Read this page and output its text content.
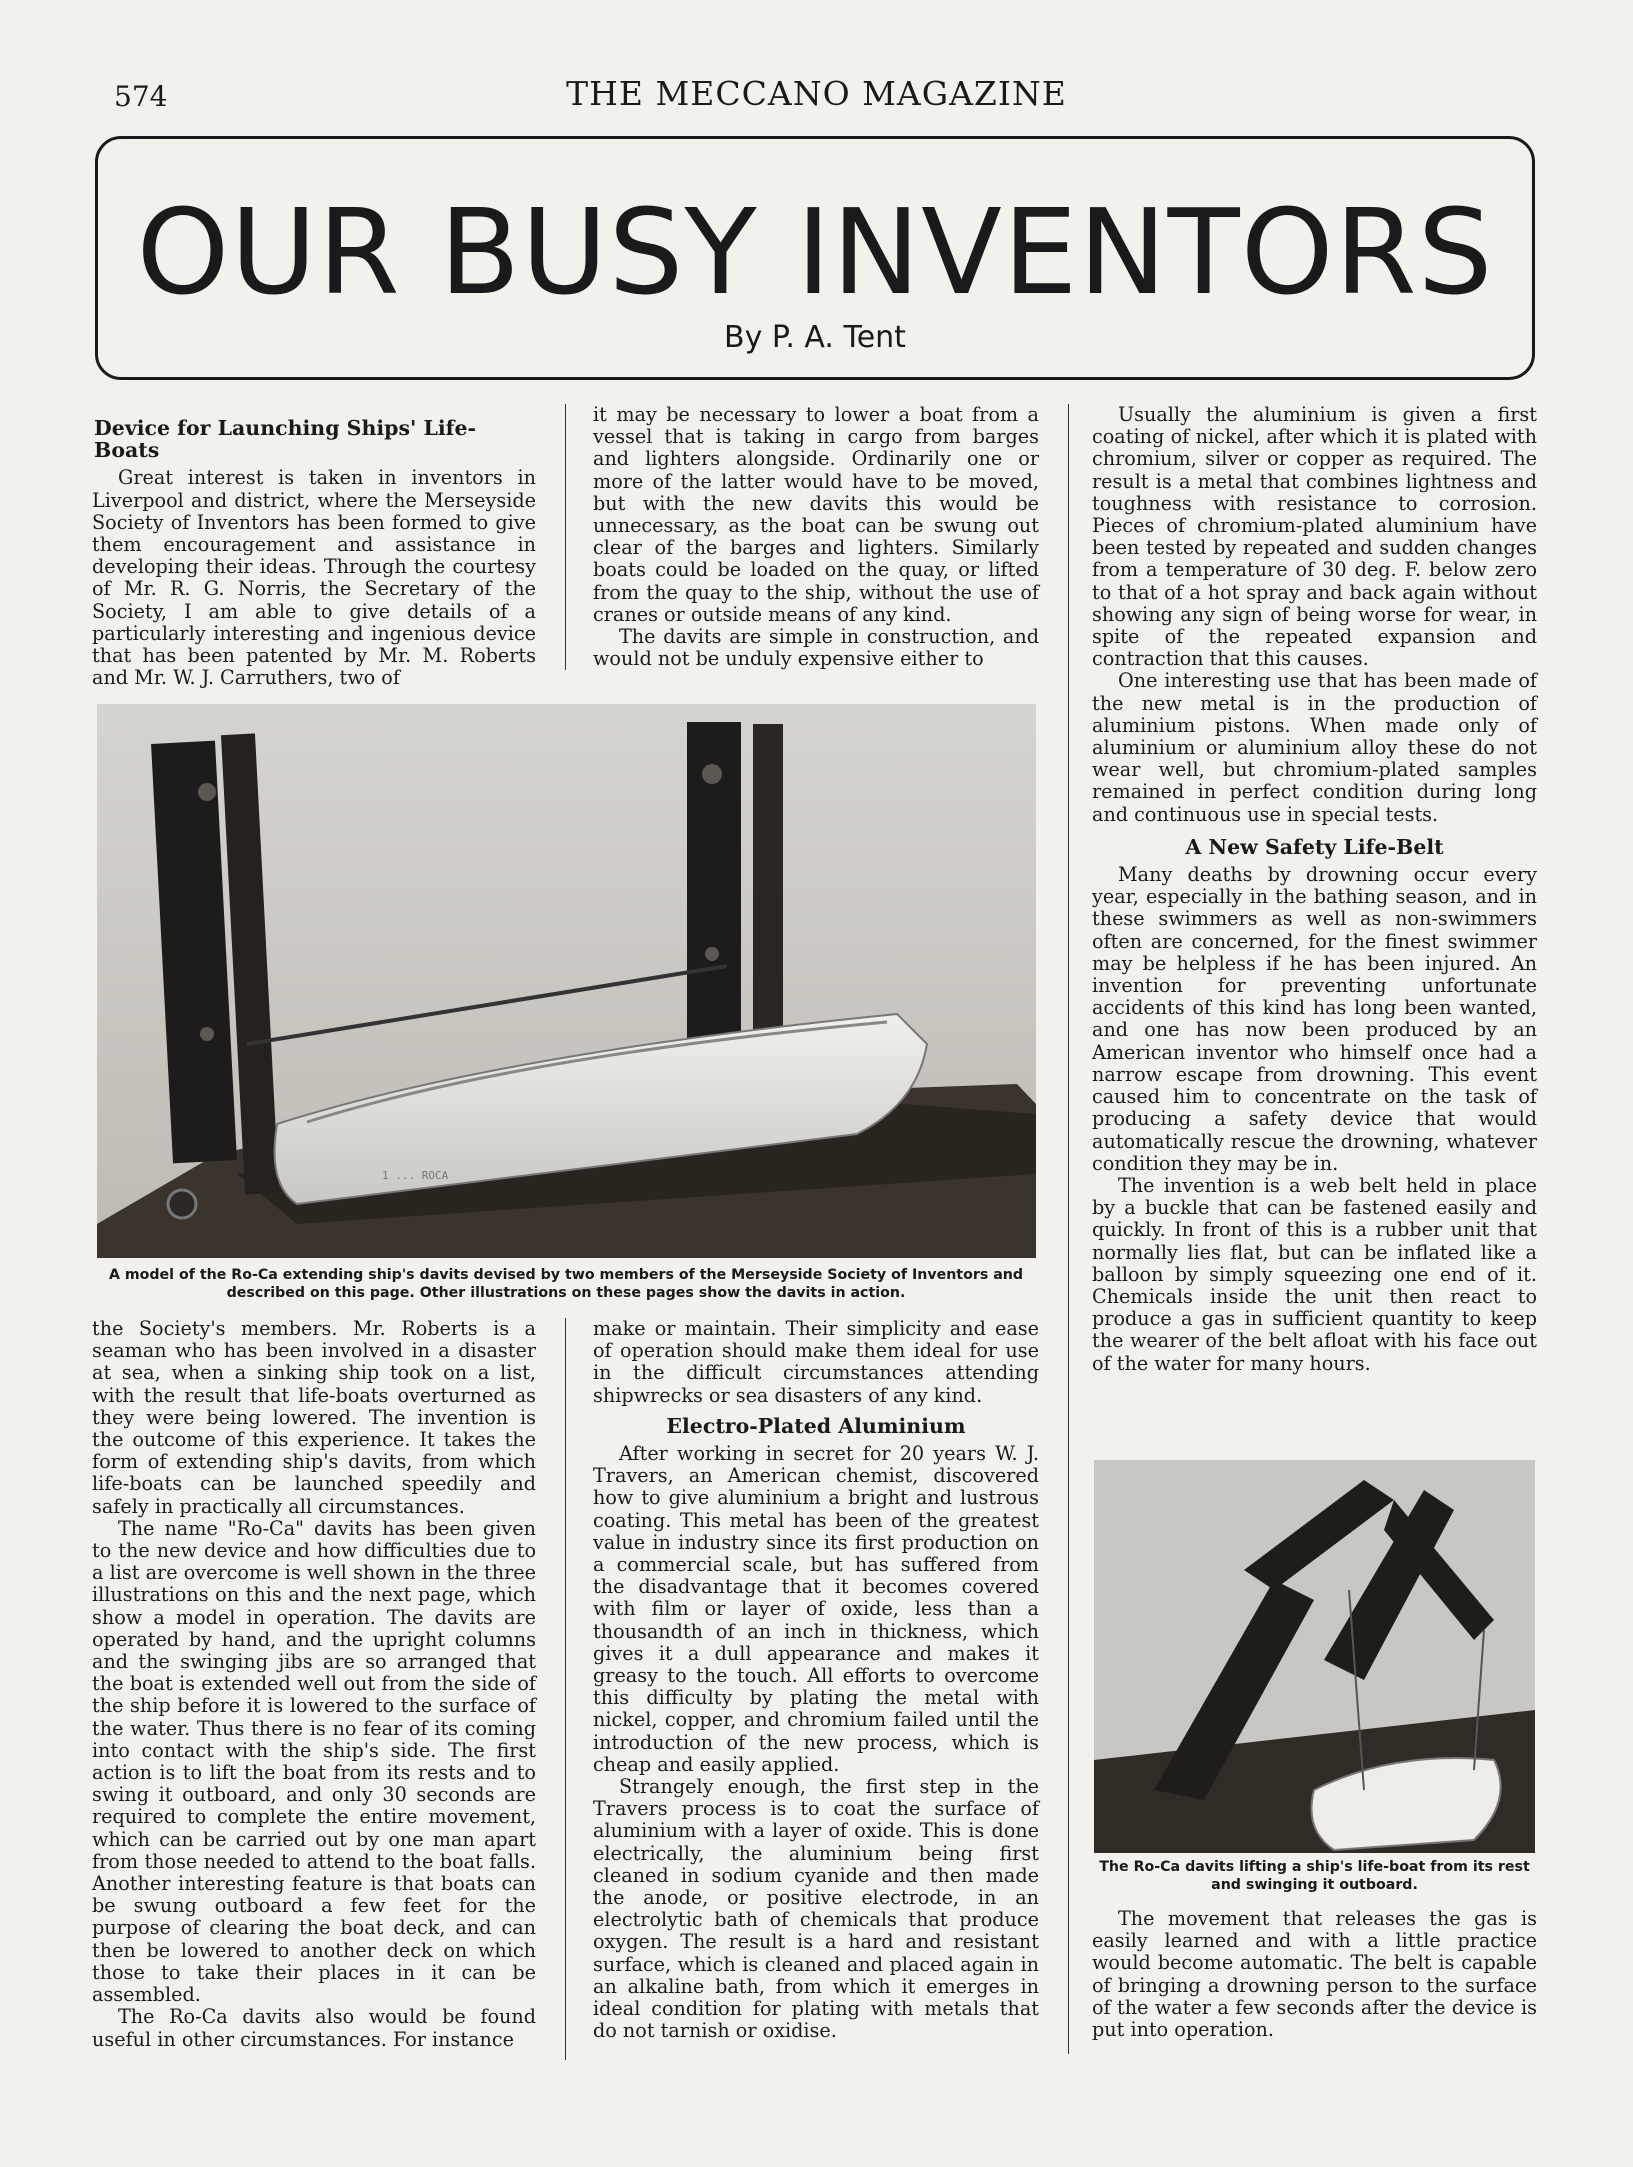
574	THE MECCANO MAGAZINE
OUR BUSY INVENTORS
By P. A. Tent
Device for Launching Ships' Life-Boats

Great interest is taken in inventors in Liverpool and district, where the Merseyside Society of Inventors has been formed to give them encouragement and assistance in developing their ideas. Through the courtesy of Mr. R. G. Norris, the Secretary of the Society, I am able to give details of a particularly interesting and ingenious device that has been patented by Mr. M. Roberts and Mr. W. J. Carruthers, two of

it may be necessary to lower a boat from a vessel that is taking in cargo from barges and lighters alongside. Ordinarily one or more of the latter would have to be moved, but with the new davits this would be unnecessary, as the boat can be swung out clear of the barges and lighters. Similarly boats could be loaded on the quay, or lifted from the quay to the ship, without the use of cranes or outside means of any kind.

The davits are simple in construction, and would not be unduly expensive either to

1 ... ROCA
A model of the Ro-Ca extending ship's davits devised by two members of the Merseyside Society of Inventors and described on this page. Other illustrations on these pages show the davits in action.

the Society's members. Mr. Roberts is a seaman who has been involved in a disaster at sea, when a sinking ship took on a list, with the result that life-boats overturned as they were being lowered. The invention is the outcome of this experience. It takes the form of extending ship's davits, from which life-boats can be launched speedily and safely in practically all circumstances.

The name "Ro-Ca" davits has been given to the new device and how difficulties due to a list are overcome is well shown in the three illustrations on this and the next page, which show a model in operation. The davits are operated by hand, and the upright columns and the swinging jibs are so arranged that the boat is extended well out from the side of the ship before it is lowered to the surface of the water. Thus there is no fear of its coming into contact with the ship's side. The first action is to lift the boat from its rests and to swing it outboard, and only 30 seconds are required to complete the entire movement, which can be carried out by one man apart from those needed to attend to the boat falls. Another interesting feature is that boats can be swung outboard a few feet for the purpose of clearing the boat deck, and can then be lowered to another deck on which those to take their places in it can be assembled.

The Ro-Ca davits also would be found useful in other circumstances. For instance

make or maintain. Their simplicity and ease of operation should make them ideal for use in the difficult circumstances attending shipwrecks or sea disasters of any kind.

Electro-Plated Aluminium

After working in secret for 20 years W. J. Travers, an American chemist, discovered how to give aluminium a bright and lustrous coating. This metal has been of the greatest value in industry since its first production on a commercial scale, but has suffered from the disadvantage that it becomes covered with film or layer of oxide, less than a thousandth of an inch in thickness, which gives it a dull appearance and makes it greasy to the touch. All efforts to overcome this difficulty by plating the metal with nickel, copper, and chromium failed until the introduction of the new process, which is cheap and easily applied.

Strangely enough, the first step in the Travers process is to coat the surface of aluminium with a layer of oxide. This is done electrically, the aluminium being first cleaned in sodium cyanide and then made the anode, or positive electrode, in an electrolytic bath of chemicals that produce oxygen. The result is a hard and resistant surface, which is cleaned and placed again in an alkaline bath, from which it emerges in ideal condition for plating with metals that do not tarnish or oxidise.

Usually the aluminium is given a first coating of nickel, after which it is plated with chromium, silver or copper as required. The result is a metal that combines lightness and toughness with resistance to corrosion. Pieces of chromium-plated aluminium have been tested by repeated and sudden changes from a temperature of 30 deg. F. below zero to that of a hot spray and back again without showing any sign of being worse for wear, in spite of the repeated expansion and contraction that this causes.

One interesting use that has been made of the new metal is in the production of aluminium pistons. When made only of aluminium or aluminium alloy these do not wear well, but chromium-plated samples remained in perfect condition during long and continuous use in special tests.

A New Safety Life-Belt

Many deaths by drowning occur every year, especially in the bathing season, and in these swimmers as well as non-swimmers often are concerned, for the finest swimmer may be helpless if he has been injured. An invention for preventing unfortunate accidents of this kind has long been wanted, and one has now been produced by an American inventor who himself once had a narrow escape from drowning. This event caused him to concentrate on the task of producing a safety device that would automatically rescue the drowning, whatever condition they may be in.

The invention is a web belt held in place by a buckle that can be fastened easily and quickly. In front of this is a rubber unit that normally lies flat, but can be inflated like a balloon by simply squeezing one end of it. Chemicals inside the unit then react to produce a gas in sufficient quantity to keep the wearer of the belt afloat with his face out of the water for many hours.

The Ro-Ca davits lifting a ship's life-boat from its rest and swinging it outboard.

The movement that releases the gas is easily learned and with a little practice would become automatic. The belt is capable of bringing a drowning person to the surface of the water a few seconds after the device is put into operation.
